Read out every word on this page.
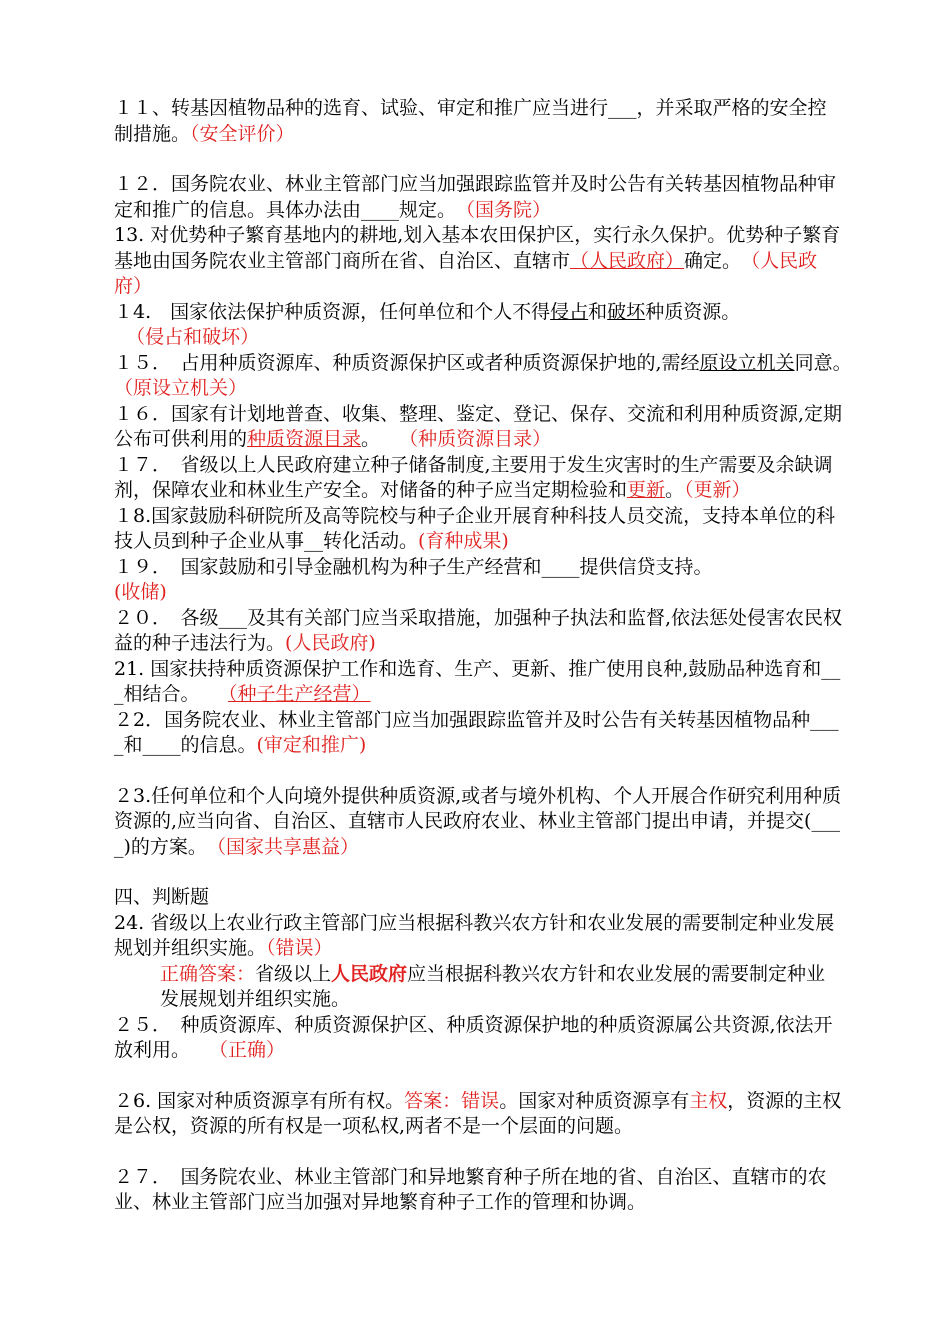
１１、转基因植物品种的选育、试验、审定和推广应当进行___，并采取严格的安全控制措施。（安全评价）

１２．国务院农业、林业主管部门应当加强跟踪监管并及时公告有关转基因植物品种审定和推广的信息。具体办法由____规定。　 （国务院）

13. 对优势种子繁育基地内的耕地,划入基本农田保护区，实行永久保护。优势种子繁育基地由国务院农业主管部门商所在省、自治区、直辖市（人民政府）确定。　 （人民政府）

１4.　国家依法保护种质资源，任何单位和个人不得侵占和破坏种质资源。
（侵占和破坏）

１５．　占用种质资源库、种质资源保护区或者种质资源保护地的,需经原设立机关同意。　（原设立机关）

１６．国家有计划地普查、收集、整理、鉴定、登记、保存、交流和利用种质资源,定期公布可供利用的种质资源目录。　　 （种质资源目录）

１７．　省级以上人民政府建立种子储备制度,主要用于发生灾害时的生产需要及余缺调剂，保障农业和林业生产安全。对储备的种子应当定期检验和更新。（更新）

１8.国家鼓励科研院所及高等院校与种子企业开展育种科技人员交流，支持本单位的科技人员到种子企业从事__转化活动。(育种成果)

１９．　国家鼓励和引导金融机构为种子生产经营和____提供信贷支持。
(收储)

２０．　各级___及其有关部门应当采取措施，加强种子执法和监督,依法惩处侵害农民权益的种子违法行为。(人民政府)

21. 国家扶持种质资源保护工作和选育、生产、更新、推广使用良种,鼓励品种选育和___相结合。　　 （种子生产经营）

２2．国务院农业、林业主管部门应当加强跟踪监管并及时公告有关转基因植物品种____和____的信息。(审定和推广)

２3.任何单位和个人向境外提供种质资源,或者与境外机构、个人开展合作研究利用种质资源的,应当向省、自治区、直辖市人民政府农业、林业主管部门提出申请，并提交(____)的方案。　 （国家共享惠益）

四、判断题

24. 省级以上农业行政主管部门应当根据科教兴农方针和农业发展的需要制定种业发展规划并组织实施。（错误）

正确答案：省级以上人民政府应当根据科教兴农方针和农业发展的需要制定种业发展规划并组织实施。

２５．　种质资源库、种质资源保护区、种质资源保护地的种质资源属公共资源,依法开放利用。　　 （正确）

２6. 国家对种质资源享有所有权。答案：错误。国家对种质资源享有主权，资源的主权是公权，资源的所有权是一项私权,两者不是一个层面的问题。

２７．　国务院农业、林业主管部门和异地繁育种子所在地的省、自治区、直辖市的农业、林业主管部门应当加强对异地繁育种子工作的管理和协调。
